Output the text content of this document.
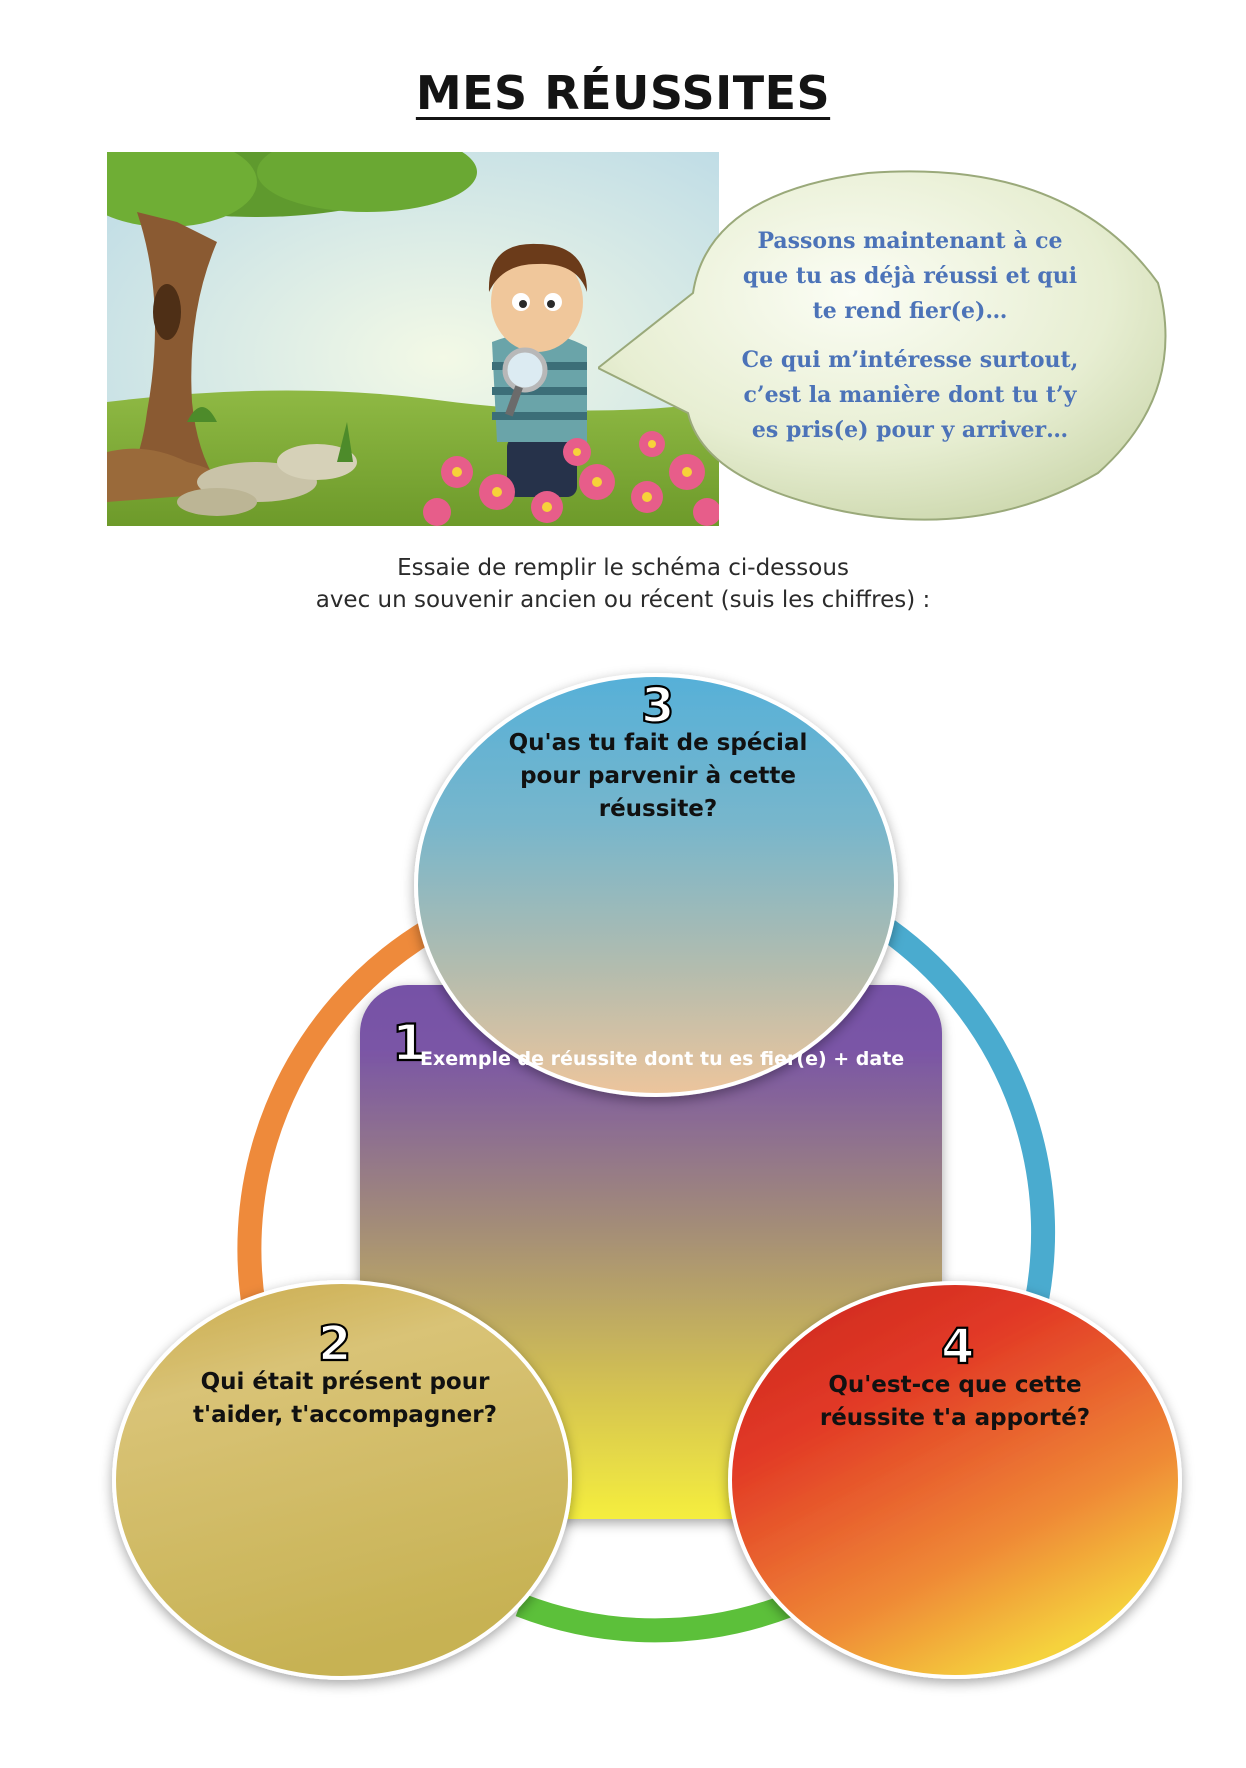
MES RÉUSSITES

Passons maintenant à ce que tu as déjà réussi et qui te rend fier(e)…

Ce qui m’intéresse surtout, c’est la manière dont tu t’y es pris(e) pour y arriver…

Essaie de remplir le schéma ci-dessous
avec un souvenir ancien ou récent (suis les chiffres) :
1
3
2	4
Exemple de réussite dont tu es fier(e) + date
Qu'as tu fait de spécial pour parvenir à cette réussite?
Qui était présent pour t'aider, t'accompagner?
Qu'est-ce que cette réussite t'a apporté?
